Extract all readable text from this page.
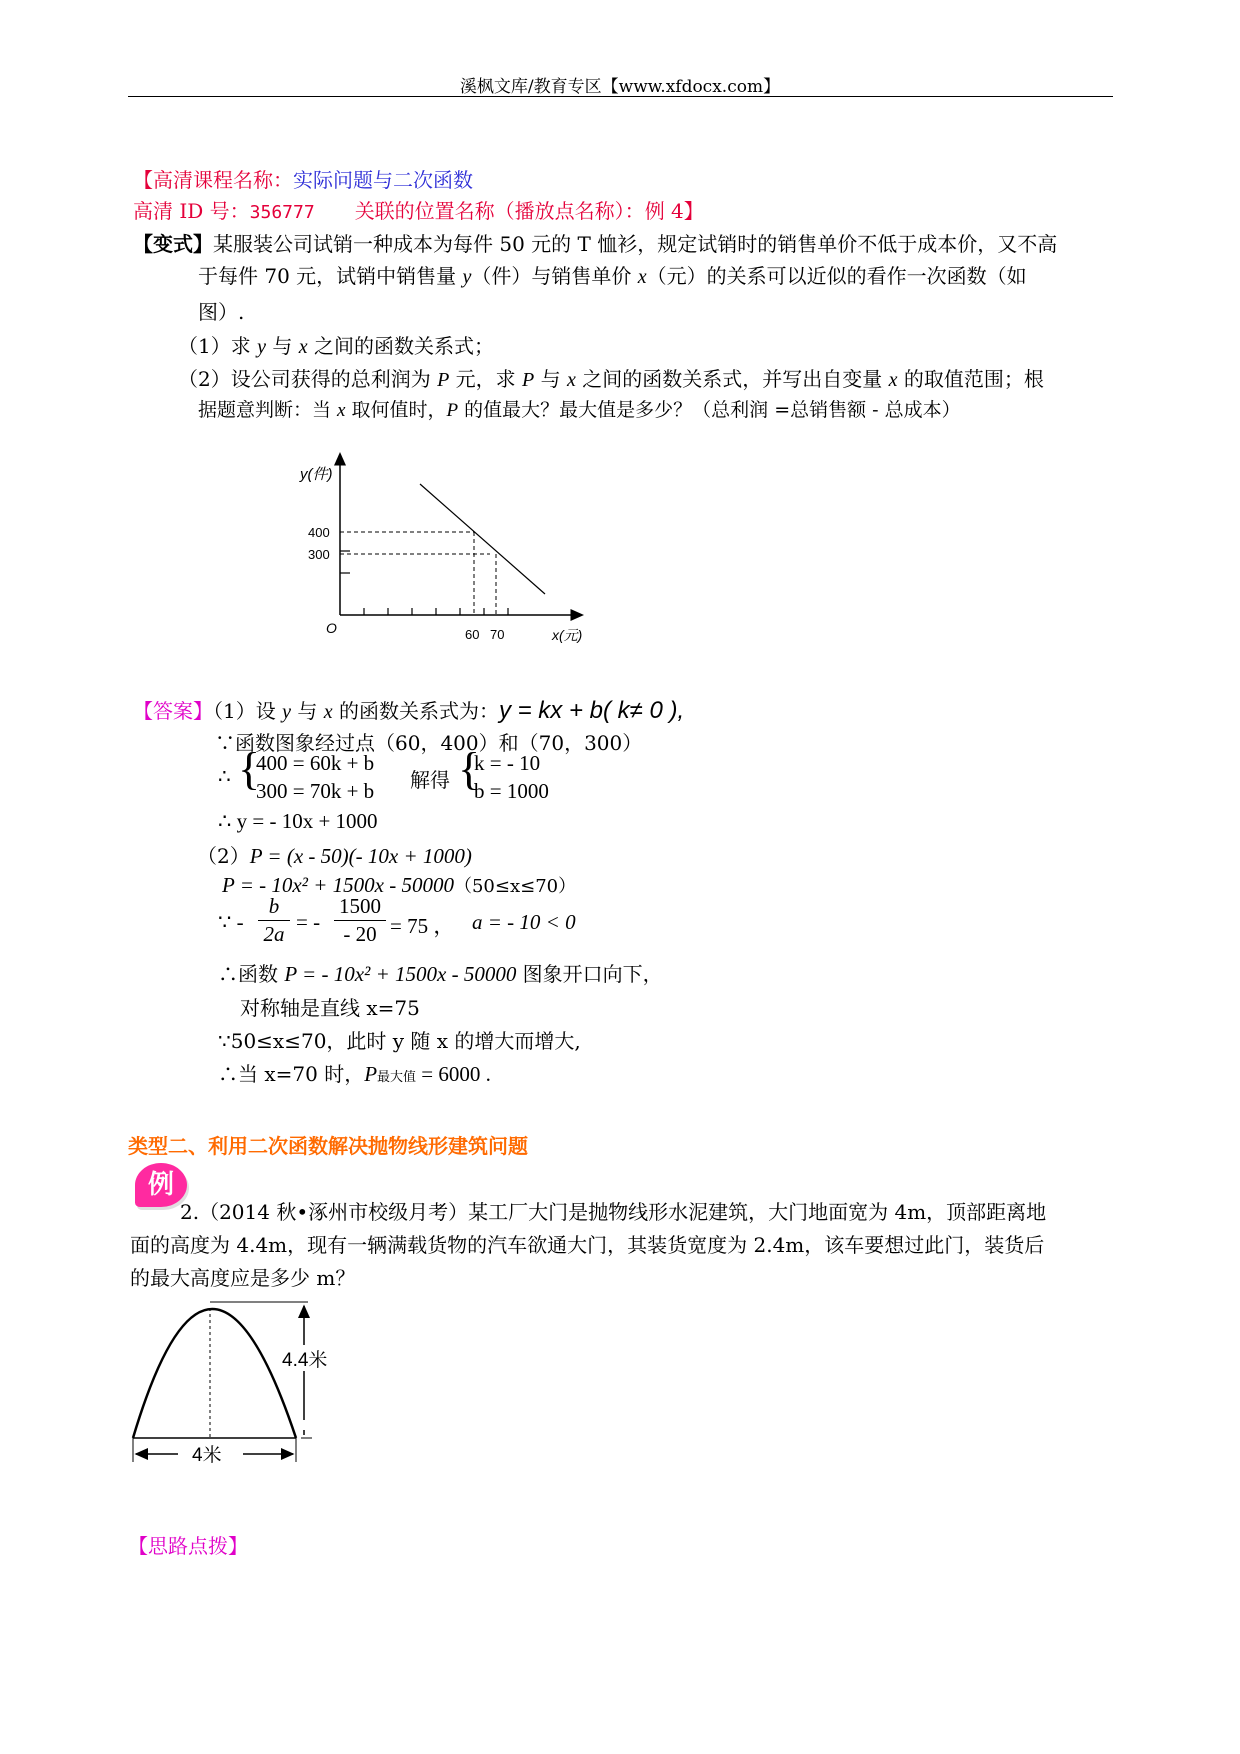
溪枫文库/教育专区【www.xfdocx.com】
【高清课程名称：实际问题与二次函数
高清 ID 号：356777 关联的位置名称（播放点名称）：例 4】
【变式】某服装公司试销一种成本为每件 50 元的 T 恤衫，规定试销时的销售单价不低于成本价，又不高
于每件 70 元，试销中销售量 y（件）与销售单价 x（元）的关系可以近似的看作一次函数（如
图）.
（1）求 y 与 x 之间的函数关系式；
（2）设公司获得的总利润为 P 元，求 P 与 x 之间的函数关系式，并写出自变量 x 的取值范围；根
据题意判断：当 x 取何值时，P 的值最大？最大值是多少？（总利润 =总销售额 - 总成本）
y(件)
400
300
O	60 70	x(元)
【答案】（1）设 y 与 x 的函数关系式为：y = kx + b( k≠ 0 ),
∵函数图象经过点（60，400）和（70，300）
∴ {
400 = 60k + b
300 = 70k + b 解得 {
k = - 10
b = 1000
∴ y = - 10x + 1000
（2）P = (x - 50)(- 10x + 1000)
P = - 10x² + 1500x - 50000（50≤x≤70）
∵ -
b
2a = -
1500
- 20 = 75 ， a = - 10 < 0
∴函数 P = - 10x² + 1500x - 50000 图象开口向下，
对称轴是直线 x=75
∵50≤x≤70，此时 y 随 x 的增大而增大,
∴当 x=70 时，P最大值 = 6000 .
类型二、利用二次函数解决抛物线形建筑问题
例
2.（2014 秋•涿州市校级月考）某工厂大门是抛物线形水泥建筑，大门地面宽为 4m，顶部距离地
面的高度为 4.4m，现有一辆满载货物的汽车欲通大门，其装货宽度为 2.4m，该车要想过此门，装货后
的最大高度应是多少 m？
4.4米
4米
【思路点拨】
